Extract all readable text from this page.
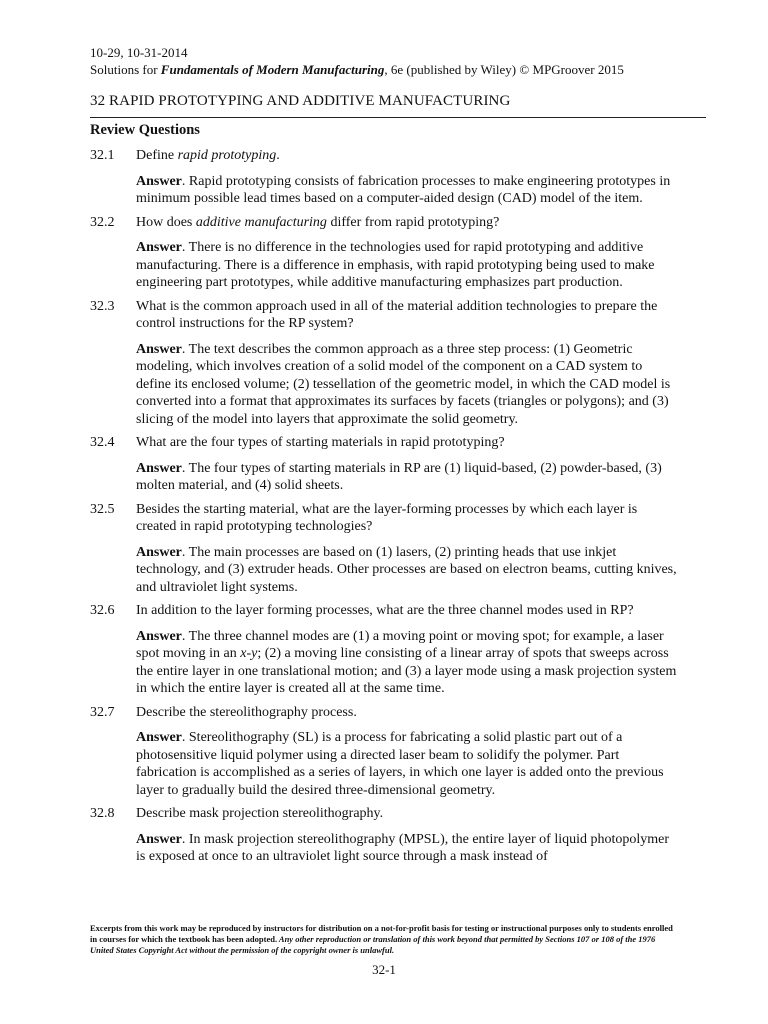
10-29, 10-31-2014
Solutions for Fundamentals of Modern Manufacturing, 6e (published by Wiley) © MPGroover 2015
32 RAPID PROTOTYPING AND ADDITIVE MANUFACTURING
Review Questions
32.1	Define rapid prototyping.
Answer. Rapid prototyping consists of fabrication processes to make engineering prototypes in minimum possible lead times based on a computer-aided design (CAD) model of the item.
32.2	How does additive manufacturing differ from rapid prototyping?
Answer. There is no difference in the technologies used for rapid prototyping and additive manufacturing. There is a difference in emphasis, with rapid prototyping being used to make engineering part prototypes, while additive manufacturing emphasizes part production.
32.3	What is the common approach used in all of the material addition technologies to prepare the control instructions for the RP system?
Answer. The text describes the common approach as a three step process: (1) Geometric modeling, which involves creation of a solid model of the component on a CAD system to define its enclosed volume; (2) tessellation of the geometric model, in which the CAD model is converted into a format that approximates its surfaces by facets (triangles or polygons); and (3) slicing of the model into layers that approximate the solid geometry.
32.4	What are the four types of starting materials in rapid prototyping?
Answer. The four types of starting materials in RP are (1) liquid-based, (2) powder-based, (3) molten material, and (4) solid sheets.
32.5	Besides the starting material, what are the layer-forming processes by which each layer is created in rapid prototyping technologies?
Answer. The main processes are based on (1) lasers, (2) printing heads that use inkjet technology, and (3) extruder heads. Other processes are based on electron beams, cutting knives, and ultraviolet light systems.
32.6	In addition to the layer forming processes, what are the three channel modes used in RP?
Answer. The three channel modes are (1) a moving point or moving spot; for example, a laser spot moving in an x-y; (2) a moving line consisting of a linear array of spots that sweeps across the entire layer in one translational motion; and (3) a layer mode using a mask projection system in which the entire layer is created all at the same time.
32.7	Describe the stereolithography process.
Answer. Stereolithography (SL) is a process for fabricating a solid plastic part out of a photosensitive liquid polymer using a directed laser beam to solidify the polymer. Part fabrication is accomplished as a series of layers, in which one layer is added onto the previous layer to gradually build the desired three-dimensional geometry.
32.8	Describe mask projection stereolithography.
Answer. In mask projection stereolithography (MPSL), the entire layer of liquid photopolymer is exposed at once to an ultraviolet light source through a mask instead of
Excerpts from this work may be reproduced by instructors for distribution on a not-for-profit basis for testing or instructional purposes only to students enrolled in courses for which the textbook has been adopted. Any other reproduction or translation of this work beyond that permitted by Sections 107 or 108 of the 1976 United States Copyright Act without the permission of the copyright owner is unlawful.
32-1
